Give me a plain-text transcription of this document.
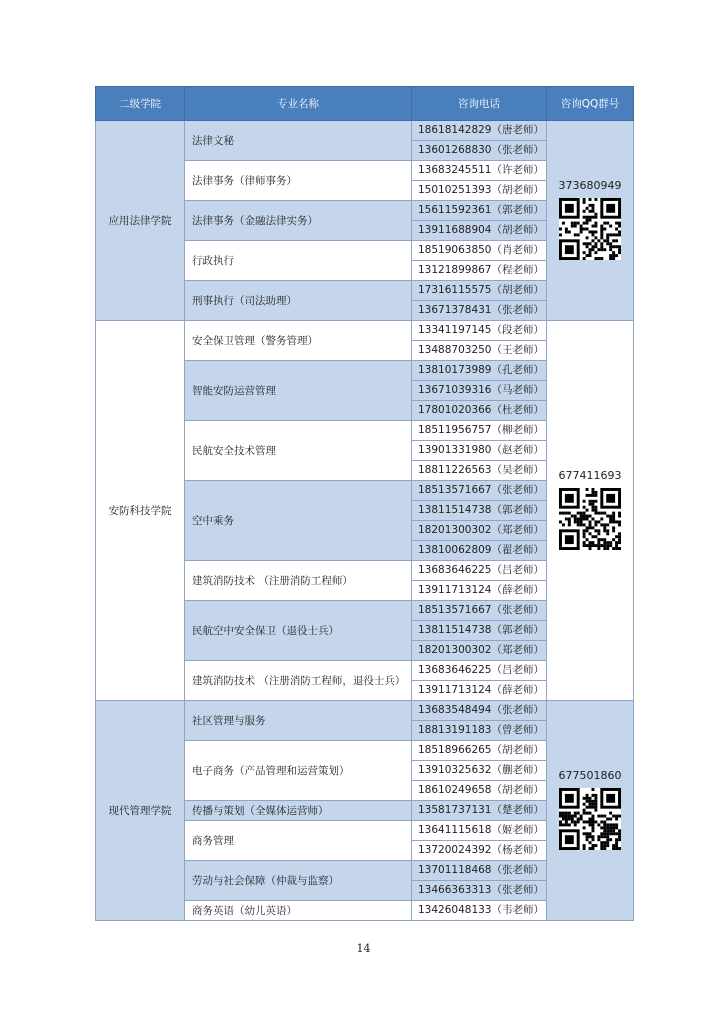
二级学院	专业名称	咨询电话	咨询QQ群号
应用法律学院	法律文秘	18618142829（唐老师）
13601268830（张老师）	373680949

	法律事务（律师事务）	13683245511（许老师）
15010251393（胡老师）	

	法律事务（金融法律实务）	15611592361（郭老师）
13911688904（胡老师）	

	行政执行	18519063850（肖老师）
13121899867（程老师）	

	刑事执行（司法助理）	17316115575（胡老师）
13671378431（张老师）	

安防科技学院	安全保卫管理（警务管理）	13341197145（段老师）
13488703250（王老师）	677411693

	智能安防运营管理	13810173989（孔老师）
13671039316（马老师）
17801020366（杜老师）	

	民航安全技术管理	18511956757（柳老师）
13901331980（赵老师）
18811226563（吴老师）	

	空中乘务	18513571667（张老师）
13811514738（郭老师）
18201300302（郑老师）
13810062809（翟老师）	

	建筑消防技术 （注册消防工程师）	13683646225（吕老师）
13911713124（薛老师）	

	民航空中安全保卫（退役士兵）	18513571667（张老师）
13811514738（郭老师）
18201300302（郑老师）	

	建筑消防技术 （注册消防工程师，退役士兵）	13683646225（吕老师）
13911713124（薛老师）	

现代管理学院	社区管理与服务	13683548494（张老师）
18813191183（曾老师）	677501860

	电子商务（产品管理和运营策划）	18518966265（胡老师）
13910325632（蒯老师）
18610249658（胡老师）	

	传播与策划（全媒体运营师）	13581737131（楚老师）	

	商务管理	13641115618（姬老师）
13720024392（杨老师）	

	劳动与社会保障（仲裁与监察）	13701118468（张老师）
13466363313（张老师）	

	商务英语（幼儿英语）	13426048133（韦老师）	
14
